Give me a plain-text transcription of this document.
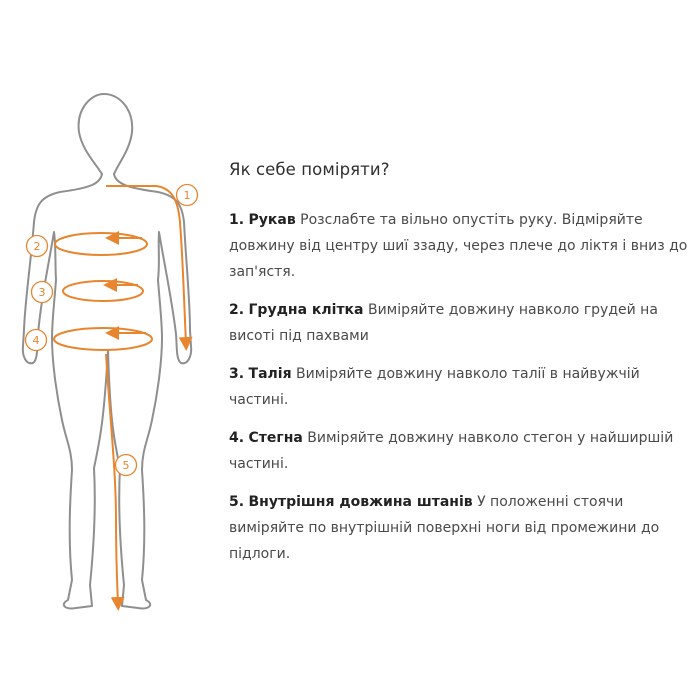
1
2
3
4
5
Як себе поміряти?

1. Рукав Розслабте та вільно опустіть руку. Відміряйте довжину від центру шиї ззаду, через плече до ліктя і вниз до зап'ястя.

2. Грудна клітка Виміряйте довжину навколо грудей на висоті під пахвами

3. Талія Виміряйте довжину навколо талії в найвужчій частині.

4. Стегна Виміряйте довжину навколо стегон у найширшій частині.

5. Внутрішня довжина штанів У положенні стоячи виміряйте по внутрішній поверхні ноги від промежини до підлоги.
